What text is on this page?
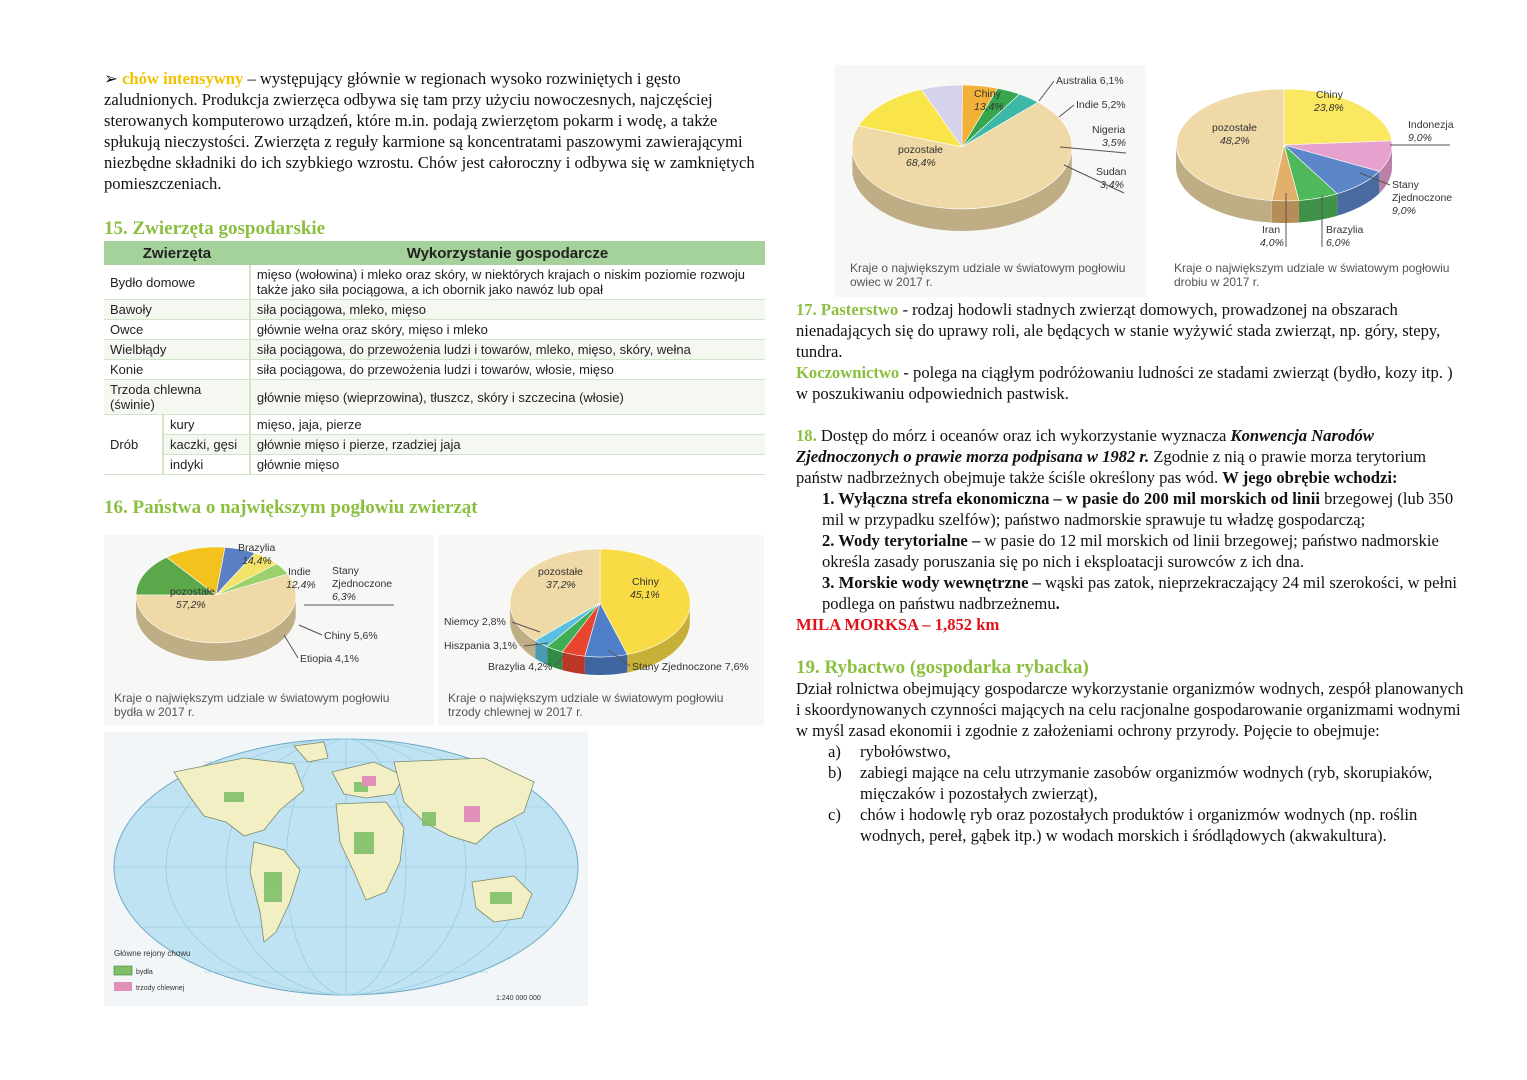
➢ chów intensywny – występujący głównie w regionach wysoko rozwiniętych i gęsto zaludnionych. Produkcja zwierzęca odbywa się tam przy użyciu nowoczesnych, najczęściej sterowanych komputerowo urządzeń, które m.in. podają zwierzętom pokarm i wodę, a także spłukują nieczystości. Zwierzęta z reguły karmione są koncentratami paszowymi zawierającymi niezbędne składniki do ich szybkiego wzrostu. Chów jest całoroczny i odbywa się w zamkniętych pomieszczeniach.

15. Zwierzęta gospodarskie
Zwierzęta		Wykorzystanie gospodarcze
Bydło domowe		mięso (wołowina) i mleko oraz skóry, w niektórych krajach o niskim poziomie rozwoju także jako siła pociągowa, a ich obornik jako nawóz lub opał
Bawoły		siła pociągowa, mleko, mięso
Owce		głównie wełna oraz skóry, mięso i mleko
Wielbłądy		siła pociągowa, do przewożenia ludzi i towarów, mleko, mięso, skóry, wełna
Konie		siła pociągowa, do przewożenia ludzi i towarów, włosie, mięso
Trzoda chlewna (świnie)		głównie mięso (wieprzowina), tłuszcz, skóry i szczecina (włosie)
Drób	kury	mięso, jaja, pierze
	kaczki, gęsi	głównie mięso i pierze, rzadziej jaja
	indyki	głównie mięso
16. Państwa o największym pogłowiu zwierząt
Brazylia
14,4%
Indie
12,4%
Stany
Zjednoczone
6,3%
Chiny 5,6%
Etiopia 4,1%
pozostałe
57,2%
Kraje o największym udziale w światowym pogłowiu bydła w 2017 r.
pozostałe
37,2%	Chiny
45,1%
Niemcy 2,8%
Hiszpania 3,1%
Brazylia 4,2%	Stany Zjednoczone 7,6%
Kraje o największym udziale w światowym pogłowiu trzody chlewnej w 2017 r.
Główne rejony chowu
bydła
trzody chlewnej
1:240 000 000
Chiny
13,4%
Australia 6,1%
Indie 5,2%
Nigeria
3,5%
Sudan
3,4%
pozostałe
68,4%
Kraje o największym udziale w światowym pogłowiu owiec w 2017 r.
Chiny
23,8%
pozostałe
48,2%
Indonezja
9,0%
Stany
Zjednoczone
9,0%
Iran
4,0%
Brazylia
6,0%
Kraje o największym udziale w światowym pogłowiu drobiu w 2017 r.

17. Pasterstwo - rodzaj hodowli stadnych zwierząt domowych, prowadzonej na obszarach nienadających się do uprawy roli, ale będących w stanie wyżywić stada zwierząt, np. góry, stepy, tundra.
Koczownictwo - polega na ciągłym podróżowaniu ludności ze stadami zwierząt (bydło, kozy itp. ) w poszukiwaniu odpowiednich pastwisk.

18. Dostęp do mórz i oceanów oraz ich wykorzystanie wyznacza Konwencja Narodów Zjednoczonych o prawie morza podpisana w 1982 r. Zgodnie z nią o prawie morza terytorium państw nadbrzeżnych obejmuje także ściśle określony pas wód. W jego obrębie wchodzi:

1. Wyłączna strefa ekonomiczna – w pasie do 200 mil morskich od linii brzegowej (lub 350 mil w przypadku szelfów); państwo nadmorskie sprawuje tu władzę gospodarczą;

2. Wody terytorialne – w pasie do 12 mil morskich od linii brzegowej; państwo nadmorskie określa zasady poruszania się po nich i eksploatacji surowców z ich dna.

3. Morskie wody wewnętrzne – wąski pas zatok, nieprzekraczający 24 mil szerokości, w pełni podlega on państwu nadbrzeżnemu.

MILA MORKSA – 1,852 km

19. Rybactwo (gospodarka rybacka)

Dział rolnictwa obejmujący gospodarcze wykorzystanie organizmów wodnych, zespół planowanych i skoordynowanych czynności mających na celu racjonalne gospodarowanie organizmami wodnymi w myśl zasad ekonomii i zgodnie z założeniami ochrony przyrody. Pojęcie to obejmuje:

a) rybołówstwo,
b) zabiegi mające na celu utrzymanie zasobów organizmów wodnych (ryb, skorupiaków, mięczaków i pozostałych zwierząt),
c) chów i hodowlę ryb oraz pozostałych produktów i organizmów wodnych (np. roślin wodnych, pereł, gąbek itp.) w wodach morskich i śródlądowych (akwakultura).
